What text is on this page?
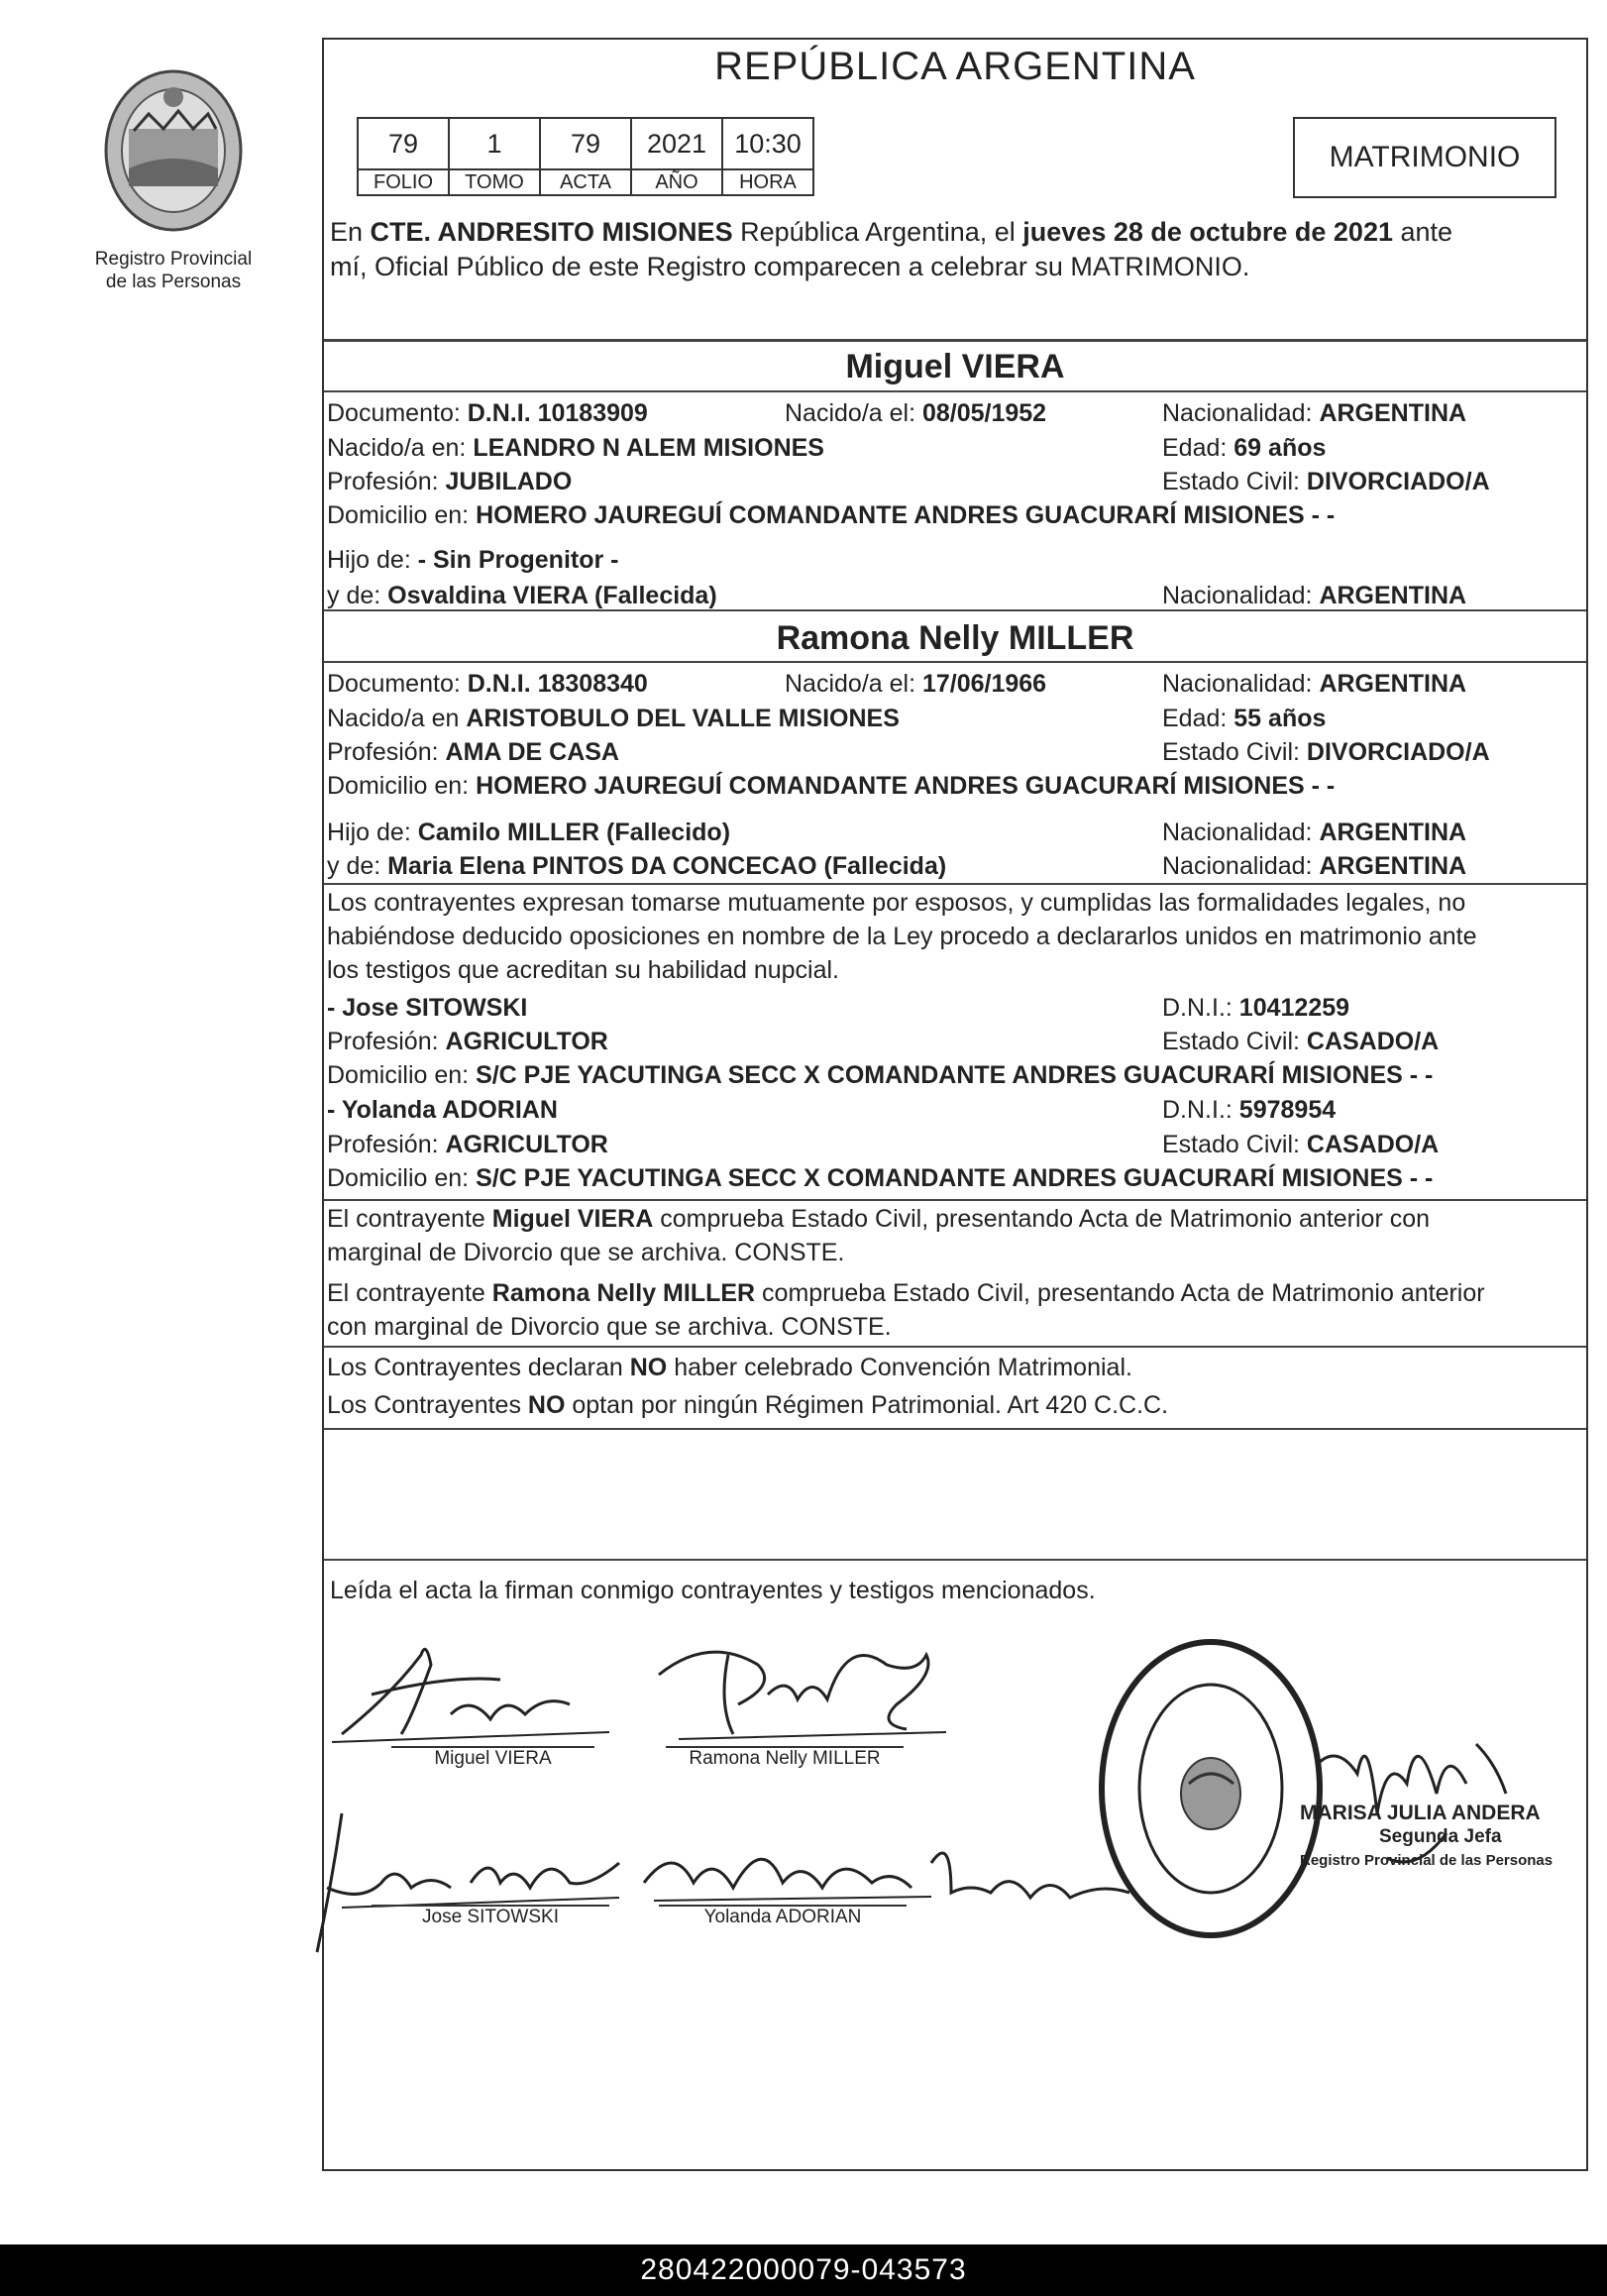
Registro Provincial
de las Personas
REPÚBLICA ARGENTINA
79	1	79	2021	10:30
FOLIO	TOMO	ACTA	AÑO	HORA
MATRIMONIO
En CTE. ANDRESITO MISIONES República Argentina, el jueves 28 de octubre de 2021 ante
mí, Oficial Público de este Registro comparecen a celebrar su MATRIMONIO.
Miguel VIERA
Documento: D.N.I. 10183909	Nacido/a el: 08/05/1952	Nacionalidad: ARGENTINA
Nacido/a en: LEANDRO N ALEM MISIONES	Edad: 69 años
Profesión: JUBILADO	Estado Civil: DIVORCIADO/A
Domicilio en: HOMERO JAUREGUÍ COMANDANTE ANDRES GUACURARÍ MISIONES - -
Hijo de: - Sin Progenitor -
y de: Osvaldina VIERA (Fallecida)	Nacionalidad: ARGENTINA
Ramona Nelly MILLER
Documento: D.N.I. 18308340	Nacido/a el: 17/06/1966	Nacionalidad: ARGENTINA
Nacido/a en ARISTOBULO DEL VALLE MISIONES	Edad: 55 años
Profesión: AMA DE CASA	Estado Civil: DIVORCIADO/A
Domicilio en: HOMERO JAUREGUÍ COMANDANTE ANDRES GUACURARÍ MISIONES - -
Hijo de: Camilo MILLER (Fallecido)	Nacionalidad: ARGENTINA
y de: Maria Elena PINTOS DA CONCECAO (Fallecida)	Nacionalidad: ARGENTINA
Los contrayentes expresan tomarse mutuamente por esposos, y cumplidas las formalidades legales, no
habiéndose deducido oposiciones en nombre de la Ley procedo a declararlos unidos en matrimonio ante
los testigos que acreditan su habilidad nupcial.
- Jose SITOWSKI	D.N.I.: 10412259
Profesión: AGRICULTOR	Estado Civil: CASADO/A
Domicilio en: S/C PJE YACUTINGA SECC X COMANDANTE ANDRES GUACURARÍ MISIONES - -
- Yolanda ADORIAN	D.N.I.: 5978954
Profesión: AGRICULTOR	Estado Civil: CASADO/A
Domicilio en: S/C PJE YACUTINGA SECC X COMANDANTE ANDRES GUACURARÍ MISIONES - -
El contrayente Miguel VIERA comprueba Estado Civil, presentando Acta de Matrimonio anterior con
marginal de Divorcio que se archiva. CONSTE.
El contrayente Ramona Nelly MILLER comprueba Estado Civil, presentando Acta de Matrimonio anterior
con marginal de Divorcio que se archiva. CONSTE.
Los Contrayentes declaran NO haber celebrado Convención Matrimonial.
Los Contrayentes NO optan por ningún Régimen Patrimonial. Art 420 C.C.C.
Leída el acta la firman conmigo contrayentes y testigos mencionados.
Miguel VIERA	Ramona Nelly MILLER
Jose SITOWSKI	Yolanda ADORIAN
MARISA JULIA ANDERA
Segunda Jefa
Registro Provincial de las Personas
280422000079-043573
